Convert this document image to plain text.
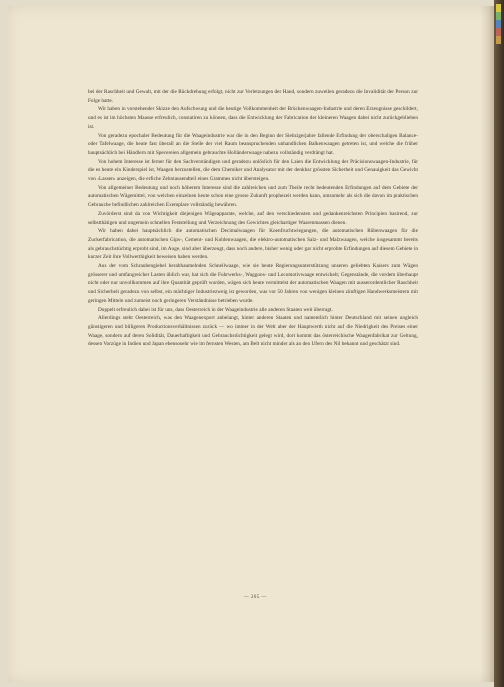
bei der Raschheit und Gewalt, mit der die Rückdrehung erfolgt, nicht zur Verletzungen der Hand, sondern zuweilen geradezu die Invalidität der Person zur Folge hatte.

Wir haben in vorstehender Skizze den Aufschwung und die heutige Vollkommenheit der Brückenwaagen-Industrie und deren Erzeugnisse geschildert, und es ist im höchsten Maasse erfreulich, constatiren zu können, dass die Entwicklung der Fabrication der kleineren Waagen dabei nicht zurückgeblieben ist.

Von geradezu epochaler Bedeutung für die Waageindustrie war die in den Beginn der Siebzigerjahre fallende Erfindung der oberschaligen Balance- oder Tafelwaage, die heute fast überall an die Stelle der viel Raum beanspruchenden unhandlichen Balkenwaagen getreten ist, und welche die früher hauptsächlich bei Händlern mit Specereien allgemein gebrauchte Holländerwaage nahezu vollständig verdrängt hat.

Von hohem Interesse ist ferner für den Sachverständigen und geradezu unlöslich für den Laien die Entwicklung der Präcisionswaagen-Industrie, für die es heute ein Kinderspiel ist, Waagen herzustellen, die dem Chemiker und Analysator mit der denkbar grössten Sicherheit und Genauigkeit das Gewicht von ›Lassen‹ anzeigen, die erfiche Zehntausendteil eines Grammes nicht übersteigen.

Von allgemeiner Bedeutung und noch höherem Interesse sind die zahlreichen und zum Theile recht bedeutenden Erfindungen auf dem Gebiete der automatischen Wägemittel, von welchen einzelnen heute schon eine grosse Zukunft prophezeit werden kann, umsomehr als sich die davon im praktischen Gebrauche befindlichen zahlreichen Exemplare vollständig bewähren.

Zuvörderst sind da von Wichtigkeit diejenigen Wägeapparate, welche, auf den verschiedensten und gedankenreichsten Principien basirend, zur selbstthätigen und ungemein schnellen Feststellung und Verzeichnung des Gewichtes gleichartiger Waarenmassen dienen.

Wir haben dabei hauptsächlich die automatischen Decimalwaagen für Koenfruchtwiegungen, die automatischen Rübenwaagen für die Zuckerfabrication, die automatischen Gips-, Cement- und Kohlenwaagen, die elektro-automatischen Salz- und Malzwaagen, welche insgesammt bereits als gebrauchstüchtig erprobt sind, im Auge, sind aber überzeugt, dass noch andere, bisher wenig oder gar nicht erprobte Erfindungen auf diesem Gebiete in kurzer Zeit ihre Vollwerthigkeit beweisen haben werden.

Aus der vom Schraubengiebel herabhaumelnden Schnellwaage, wie sie heute Regierungsunterstützung unseren geliebten Kaisers zum Wägen grösserer und umfangreicher Lasten üblich war, hat sich die Fuhrwerks-, Waggons- und Locomotivwaage entwickelt; Gegenstände, die vordem überhaupt nicht oder nur unvollkommen auf ihre Quantität geprüft wurden, wägen sich heute vermittelst der automatischen Waagen mit ausserordentlicher Raschheit und Sicherheit geradezu von selbst, ein mächtiger Industriezweig ist geworden, was vor 50 Jahren von wenigen kleinen zünftigen Handwerksmeistern mit geringen Mitteln und zumeist noch geringeren Verständnisse betrieben wurde.

Doppelt erfreulich dabei ist für uns, dass Oesterreich in der Waageindustrie alle anderen Staaten weit überragt.

Allerdings steht Oesterreich, was den Waagenexport anbelangt, hinter anderen Staaten und namentlich hinter Deutschland mit seinen ungleich günstigeren und billigeren Productionsverhältnissen zurück — wo immer in der Welt aber der Hauptwerth nicht auf die Niedrigkeit des Preises einer Waage, sondern auf deren Solidität, Dauerhaftigkeit und Gebrauchstüchtigkeit gelegt wird, dort kommt das österreichische Waagenfabrikat zur Geltung, dessen Vorzüge in Indien und Japan ebensosehr wie im fernsten Westen, am Belt nicht minder als an den Ufern des Nil bekannt und geschätzt sind.

— 265 —
